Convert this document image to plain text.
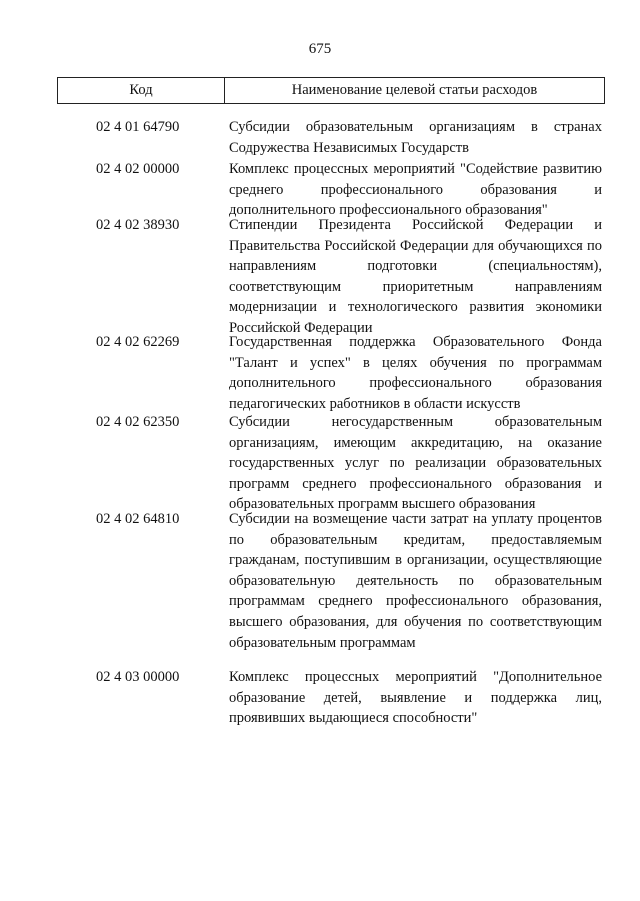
675
Код	Наименование целевой статьи расходов
02 4 01 64790	Субсидии образовательным организациям в странах Содружества Независимых Государств
02 4 02 00000	Комплекс процессных мероприятий "Содействие развитию среднего профессионального образования и дополнительного профессионального образования"
02 4 02 38930	Стипендии Президента Российской Федерации и Правительства Российской Федерации для обучающихся по направлениям подготовки (специальностям), соответствующим приоритетным направлениям модернизации и технологического развития экономики Российской Федерации
02 4 02 62269	Государственная поддержка Образовательного Фонда "Талант и успех" в целях обучения по программам дополнительного профессионального образования педагогических работников в области искусств
02 4 02 62350	Субсидии негосударственным образовательным организациям, имеющим аккредитацию, на оказание государственных услуг по реализации образовательных программ среднего профессионального образования и образовательных программ высшего образования
02 4 02 64810	Субсидии на возмещение части затрат на уплату процентов по образовательным кредитам, предоставляемым гражданам, поступившим в организации, осуществляющие образовательную деятельность по образовательным программам среднего профессионального образования, высшего образования, для обучения по соответствующим образовательным программам
02 4 03 00000	Комплекс процессных мероприятий "Дополнительное образование детей, выявление и поддержка лиц, проявивших выдающиеся способности"
